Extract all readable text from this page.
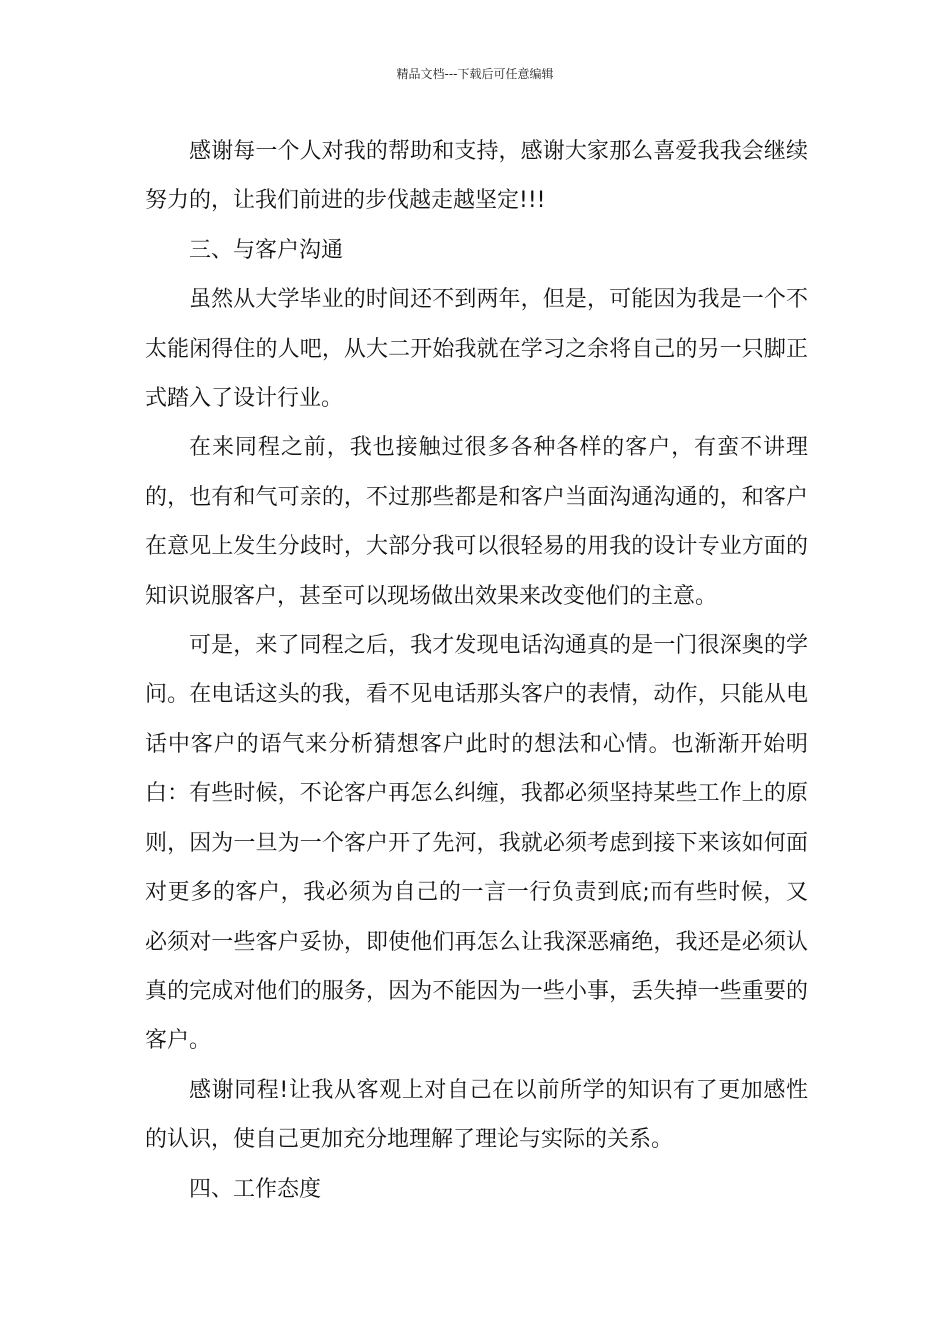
精品文档---下载后可任意编辑

感谢每一个人对我的帮助和支持，感谢大家那么喜爱我我会继续努力的，让我们前进的步伐越走越坚定!!!

三、与客户沟通

虽然从大学毕业的时间还不到两年，但是，可能因为我是一个不太能闲得住的人吧，从大二开始我就在学习之余将自己的另一只脚正式踏入了设计行业。

在来同程之前，我也接触过很多各种各样的客户，有蛮不讲理的，也有和气可亲的，不过那些都是和客户当面沟通沟通的，和客户在意见上发生分歧时，大部分我可以很轻易的用我的设计专业方面的知识说服客户，甚至可以现场做出效果来改变他们的主意。

可是，来了同程之后，我才发现电话沟通真的是一门很深奥的学问。在电话这头的我，看不见电话那头客户的表情，动作，只能从电话中客户的语气来分析猜想客户此时的想法和心情。也渐渐开始明白：有些时候，不论客户再怎么纠缠，我都必须坚持某些工作上的原则，因为一旦为一个客户开了先河，我就必须考虑到接下来该如何面对更多的客户，我必须为自己的一言一行负责到底;而有些时候，又必须对一些客户妥协，即使他们再怎么让我深恶痛绝，我还是必须认真的完成对他们的服务，因为不能因为一些小事，丢失掉一些重要的客户。

感谢同程!让我从客观上对自己在以前所学的知识有了更加感性的认识，使自己更加充分地理解了理论与实际的关系。

四、工作态度
